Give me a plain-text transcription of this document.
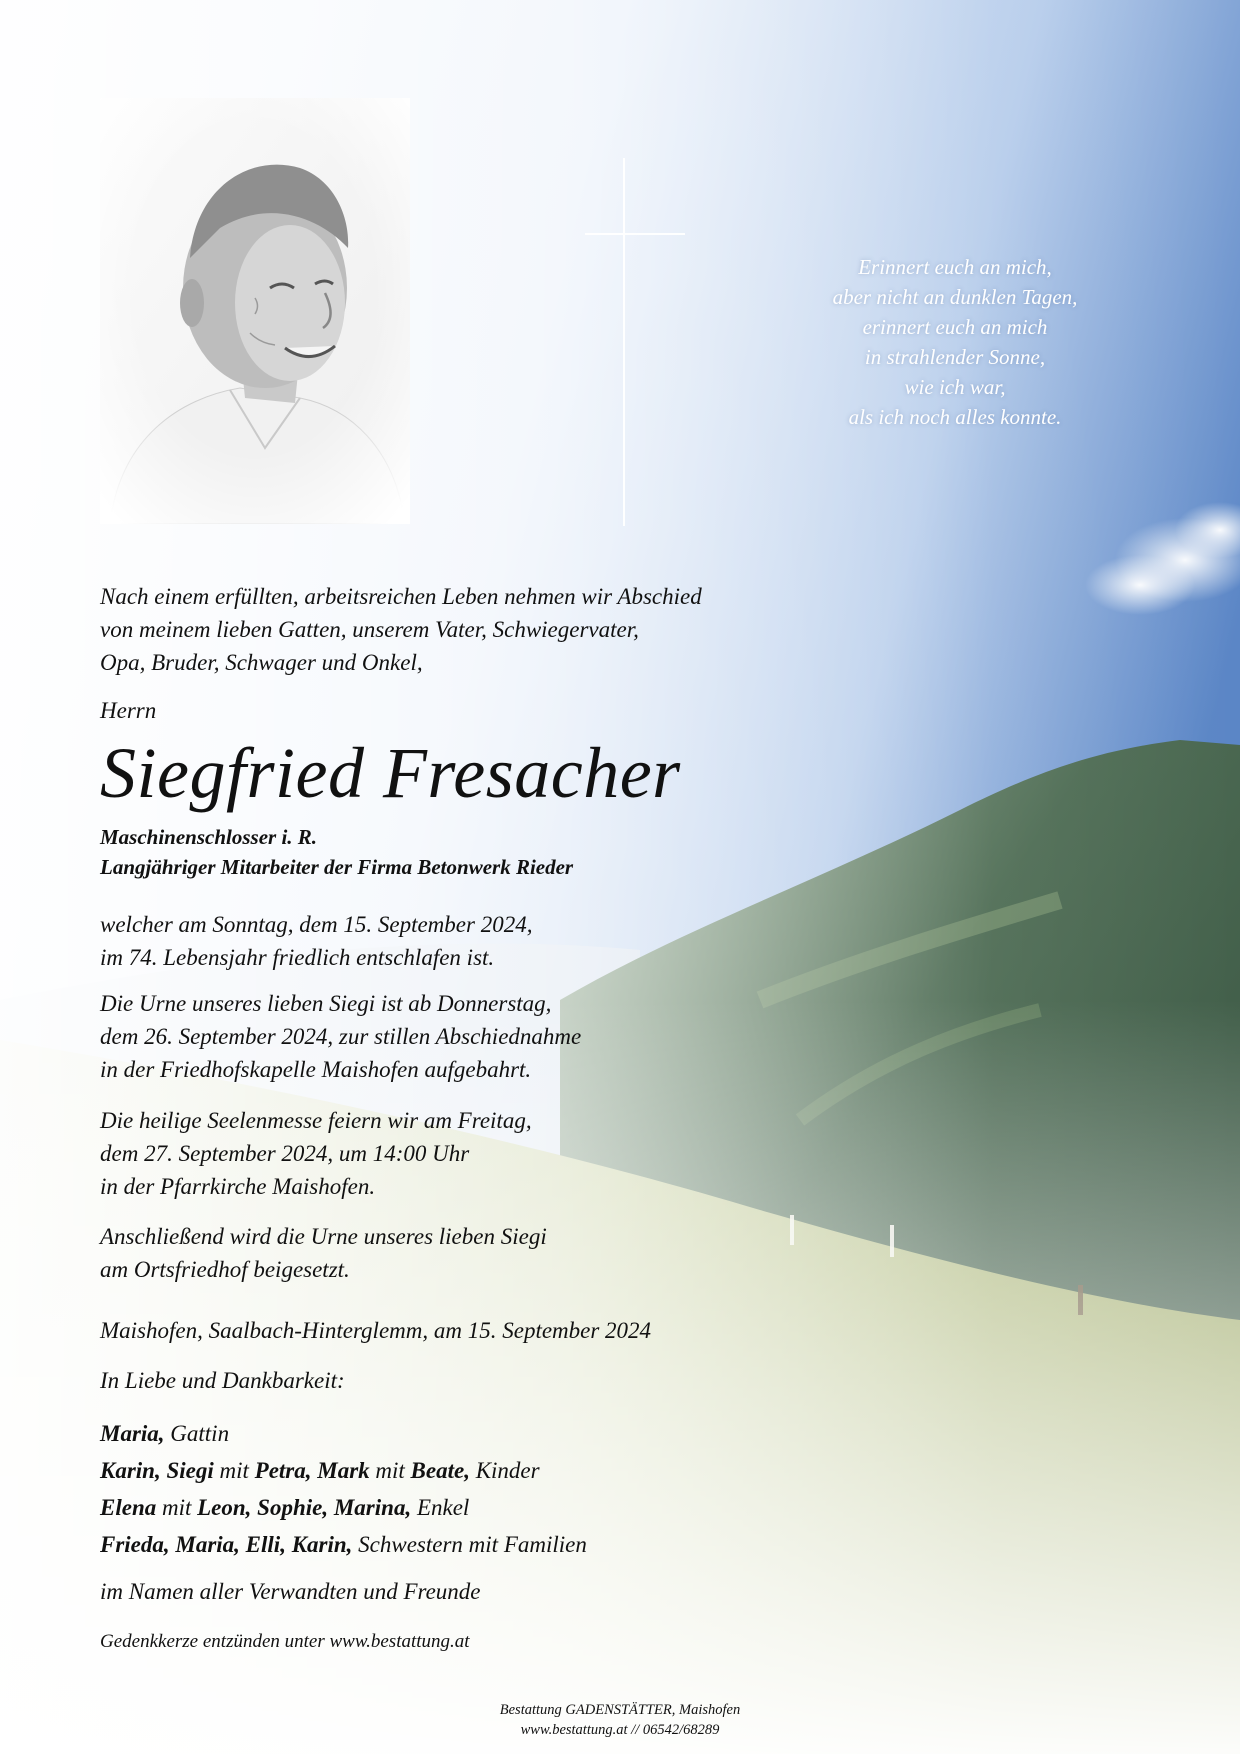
Erinnert euch an mich,
aber nicht an dunklen Tagen,
erinnert euch an mich
in strahlender Sonne,
wie ich war,
als ich noch alles konnte.
Nach einem erfüllten, arbeitsreichen Leben nehmen wir Abschied
von meinem lieben Gatten, unserem Vater, Schwiegervater,
Opa, Bruder, Schwager und Onkel,
Herrn
Siegfried Fresacher
Maschinenschlosser i. R.
Langjähriger Mitarbeiter der Firma Betonwerk Rieder
welcher am Sonntag, dem 15. September 2024,
im 74. Lebensjahr friedlich entschlafen ist.
Die Urne unseres lieben Siegi ist ab Donnerstag,
dem 26. September 2024, zur stillen Abschiednahme
in der Friedhofskapelle Maishofen aufgebahrt.
Die heilige Seelenmesse feiern wir am Freitag,
dem 27. September 2024, um 14:00 Uhr
in der Pfarrkirche Maishofen.
Anschließend wird die Urne unseres lieben Siegi
am Ortsfriedhof beigesetzt.
Maishofen, Saalbach-Hinterglemm, am 15. September 2024
In Liebe und Dankbarkeit:
Maria, Gattin
Karin, Siegi mit Petra, Mark mit Beate, Kinder
Elena mit Leon, Sophie, Marina, Enkel
Frieda, Maria, Elli, Karin, Schwestern mit Familien
im Namen aller Verwandten und Freunde
Gedenkkerze entzünden unter www.bestattung.at
Bestattung GADENSTÄTTER, Maishofen
www.bestattung.at // 06542/68289
